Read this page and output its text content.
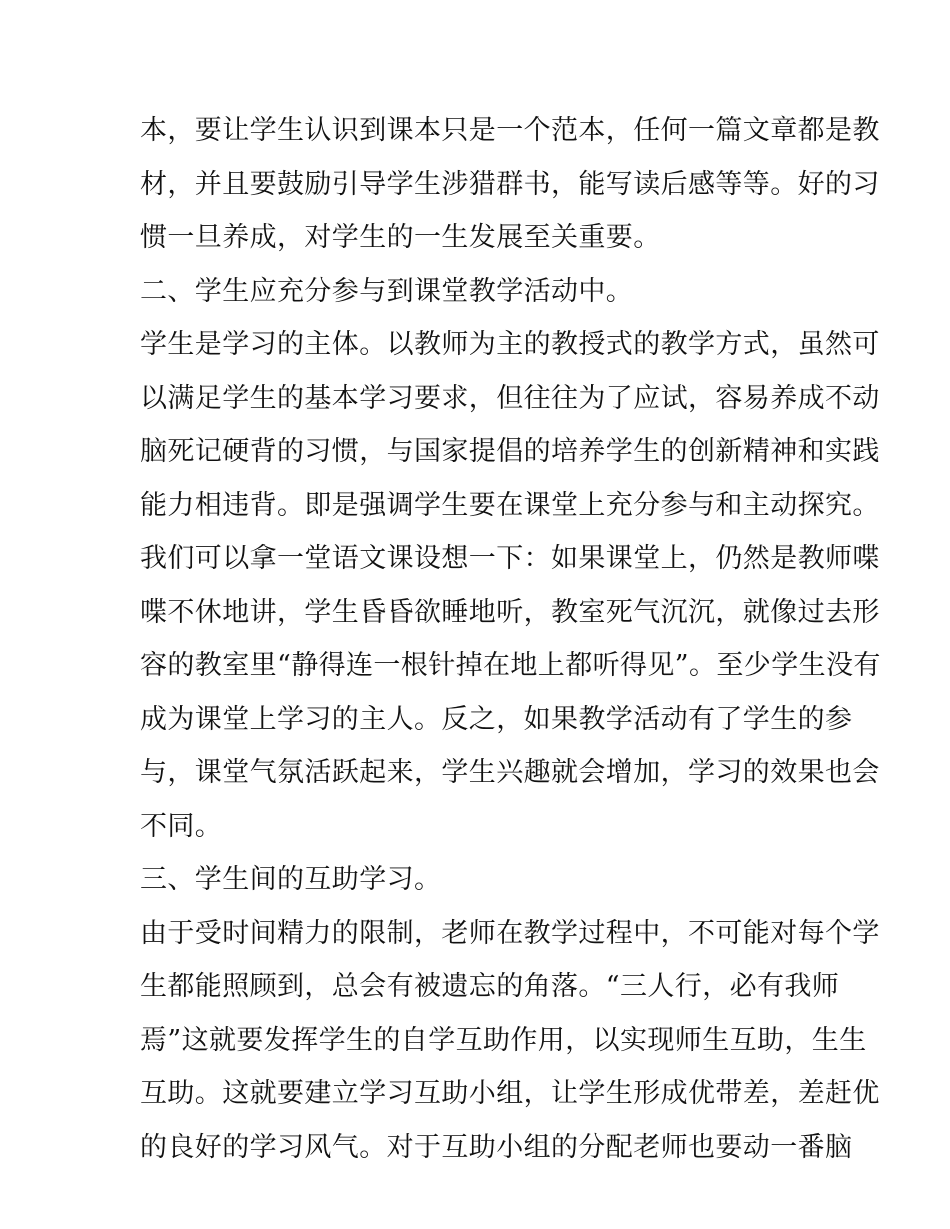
本，要让学生认识到课本只是一个范本，任何一篇文章都是教
材，并且要鼓励引导学生涉猎群书，能写读后感等等。好的习
惯一旦养成，对学生的一生发展至关重要。
二、学生应充分参与到课堂教学活动中。
学生是学习的主体。以教师为主的教授式的教学方式，虽然可
以满足学生的基本学习要求，但往往为了应试，容易养成不动
脑死记硬背的习惯，与国家提倡的培养学生的创新精神和实践
能力相违背。即是强调学生要在课堂上充分参与和主动探究。
我们可以拿一堂语文课设想一下：如果课堂上，仍然是教师喋
喋不休地讲，学生昏昏欲睡地听，教室死气沉沉，就像过去形
容的教室里“静得连一根针掉在地上都听得见”。至少学生没有
成为课堂上学习的主人。反之，如果教学活动有了学生的参
与，课堂气氛活跃起来，学生兴趣就会增加，学习的效果也会
不同。
三、学生间的互助学习。
由于受时间精力的限制，老师在教学过程中，不可能对每个学
生都能照顾到，总会有被遗忘的角落。“三人行，必有我师
焉”这就要发挥学生的自学互助作用，以实现师生互助，生生
互助。这就要建立学习互助小组，让学生形成优带差，差赶优
的良好的学习风气。对于互助小组的分配老师也要动一番脑
